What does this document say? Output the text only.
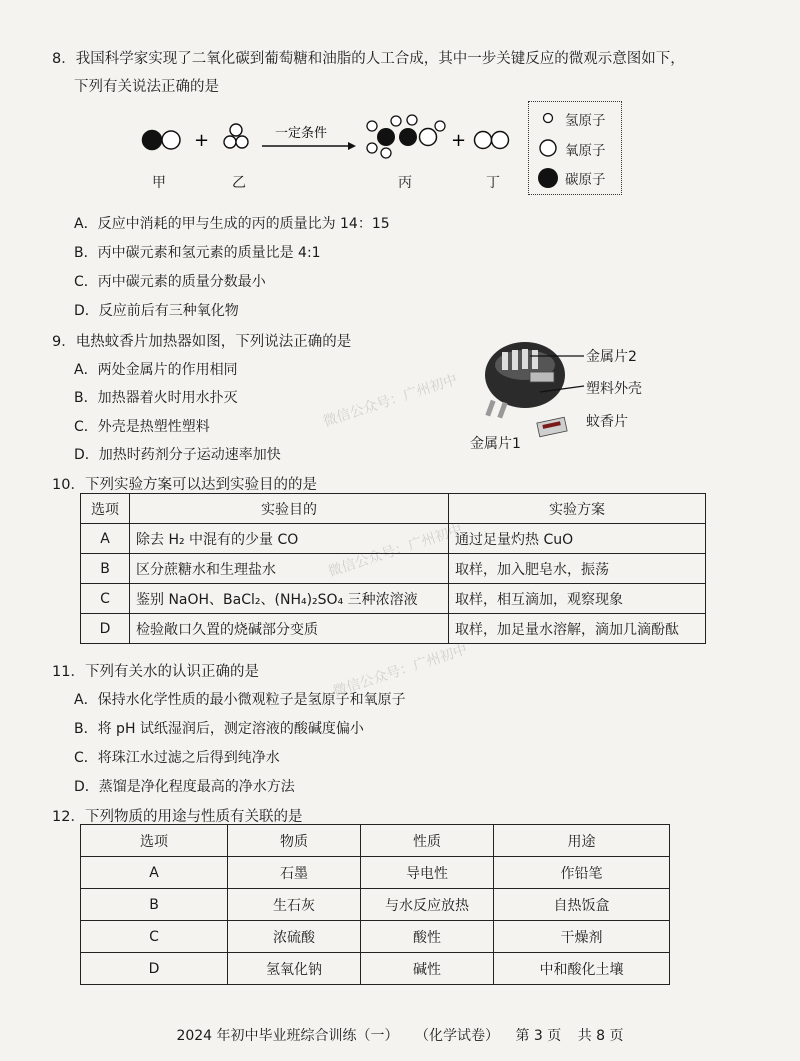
8．我国科学家实现了二氧化碳到葡萄糖和油脂的人工合成，其中一步关键反应的微观示意图如下，
下列有关说法正确的是
+	一定条件	+
甲	乙	丙	丁
氢原子
氧原子
碳原子
A．反应中消耗的甲与生成的丙的质量比为 14：15
B．丙中碳元素和氢元素的质量比是 4:1
C．丙中碳元素的质量分数最小
D．反应前后有三种氧化物
9．电热蚊香片加热器如图，下列说法正确的是
A．两处金属片的作用相同
B．加热器着火时用水扑灭
C．外壳是热塑性塑料
D．加热时药剂分子运动速率加快
金属片2
塑料外壳
蚊香片
金属片1
10．下列实验方案可以达到实验目的的是
选项	实验目的	实验方案
A	除去 H₂ 中混有的少量 CO	通过足量灼热 CuO
B	区分蔗糖水和生理盐水	取样，加入肥皂水，振荡
C	鉴别 NaOH、BaCl₂、(NH₄)₂SO₄ 三种浓溶液	取样，相互滴加，观察现象
D	检验敞口久置的烧碱部分变质	取样，加足量水溶解，滴加几滴酚酞
11．下列有关水的认识正确的是
A．保持水化学性质的最小微观粒子是氢原子和氧原子
B．将 pH 试纸湿润后，测定溶液的酸碱度偏小
C．将珠江水过滤之后得到纯净水
D．蒸馏是净化程度最高的净水方法
12．下列物质的用途与性质有关联的是
选项	物质	性质	用途
A	石墨	导电性	作铅笔
B	生石灰	与水反应放热	自热饭盒
C	浓硫酸	酸性	干燥剂
D	氢氧化钠	碱性	中和酸化土壤
微信公众号：广州初中
微信公众号：广州初中
微信公众号：广州初中
2024 年初中毕业班综合训练（一） （化学试卷） 第 3 页 共 8 页
